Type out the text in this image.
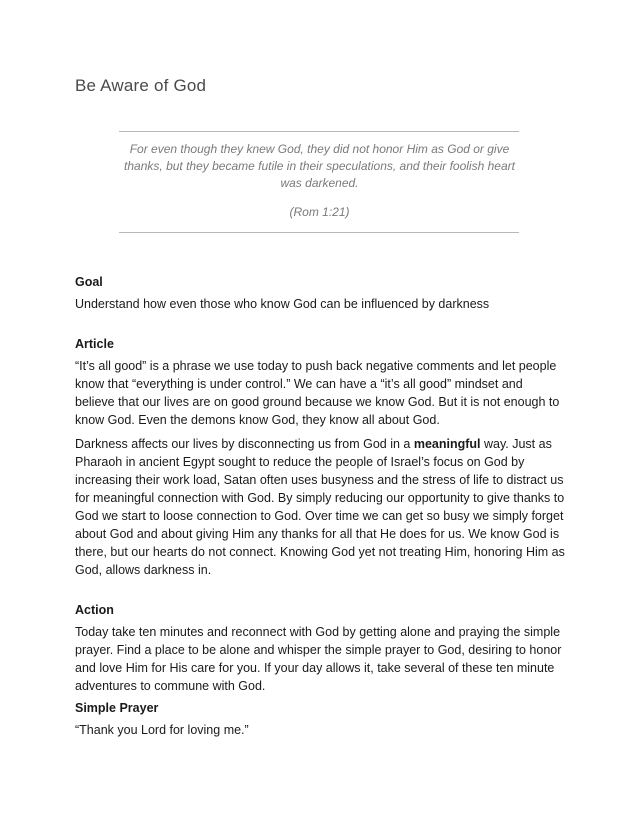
Be Aware of God
For even though they knew God, they did not honor Him as God or give thanks, but they became futile in their speculations, and their foolish heart was darkened.
(Rom 1:21)

Goal

Understand how even those who know God can be influenced by darkness

Article

“It’s all good” is a phrase we use today to push back negative comments and let people know that “everything is under control.” We can have a “it’s all good” mindset and believe that our lives are on good ground because we know God. But it is not enough to know God. Even the demons know God, they know all about God.

Darkness affects our lives by disconnecting us from God in a meaningful way. Just as Pharaoh in ancient Egypt sought to reduce the people of Israel’s focus on God by increasing their work load, Satan often uses busyness and the stress of life to distract us for meaningful connection with God. By simply reducing our opportunity to give thanks to God we start to loose connection to God. Over time we can get so busy we simply forget about God and about giving Him any thanks for all that He does for us. We know God is there, but our hearts do not connect. Knowing God yet not treating Him, honoring Him as God, allows darkness in.

Action

Today take ten minutes and reconnect with God by getting alone and praying the simple prayer. Find a place to be alone and whisper the simple prayer to God, desiring to honor and love Him for His care for you. If your day allows it, take several of these ten minute adventures to commune with God.

Simple Prayer

“Thank you Lord for loving me.”
